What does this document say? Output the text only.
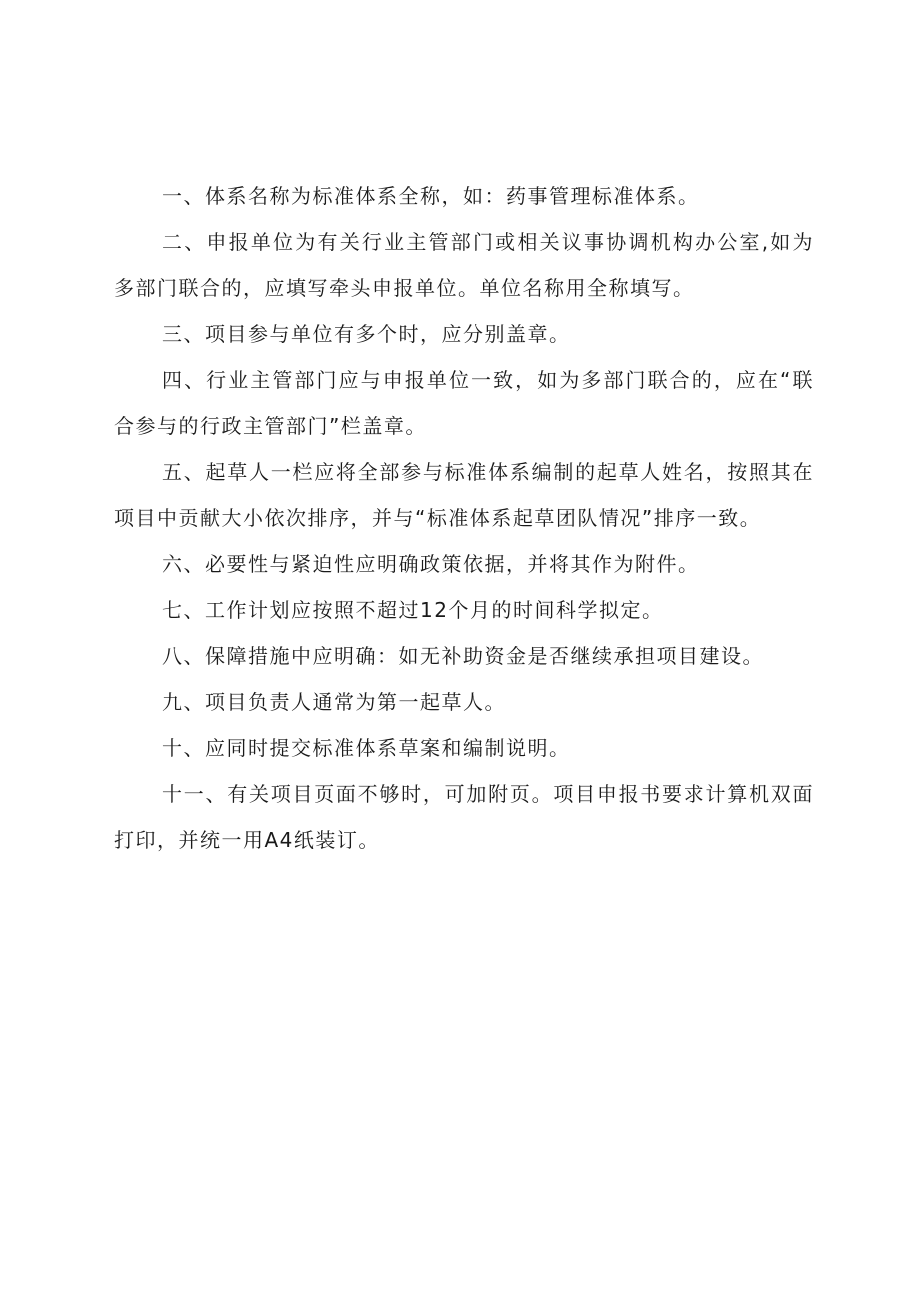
一、体系名称为标准体系全称，如：药事管理标准体系。

二、申报单位为有关行业主管部门或相关议事协调机构办公室,如为多部门联合的，应填写牵头申报单位。单位名称用全称填写。

三、项目参与单位有多个时，应分别盖章。

四、行业主管部门应与申报单位一致，如为多部门联合的，应在“联合参与的行政主管部门”栏盖章。

五、起草人一栏应将全部参与标准体系编制的起草人姓名，按照其在项目中贡献大小依次排序，并与“标准体系起草团队情况”排序一致。

六、必要性与紧迫性应明确政策依据，并将其作为附件。

七、工作计划应按照不超过12个月的时间科学拟定。

八、保障措施中应明确：如无补助资金是否继续承担项目建设。

九、项目负责人通常为第一起草人。

十、应同时提交标准体系草案和编制说明。

十一、有关项目页面不够时，可加附页。项目申报书要求计算机双面打印，并统一用A4纸装订。
